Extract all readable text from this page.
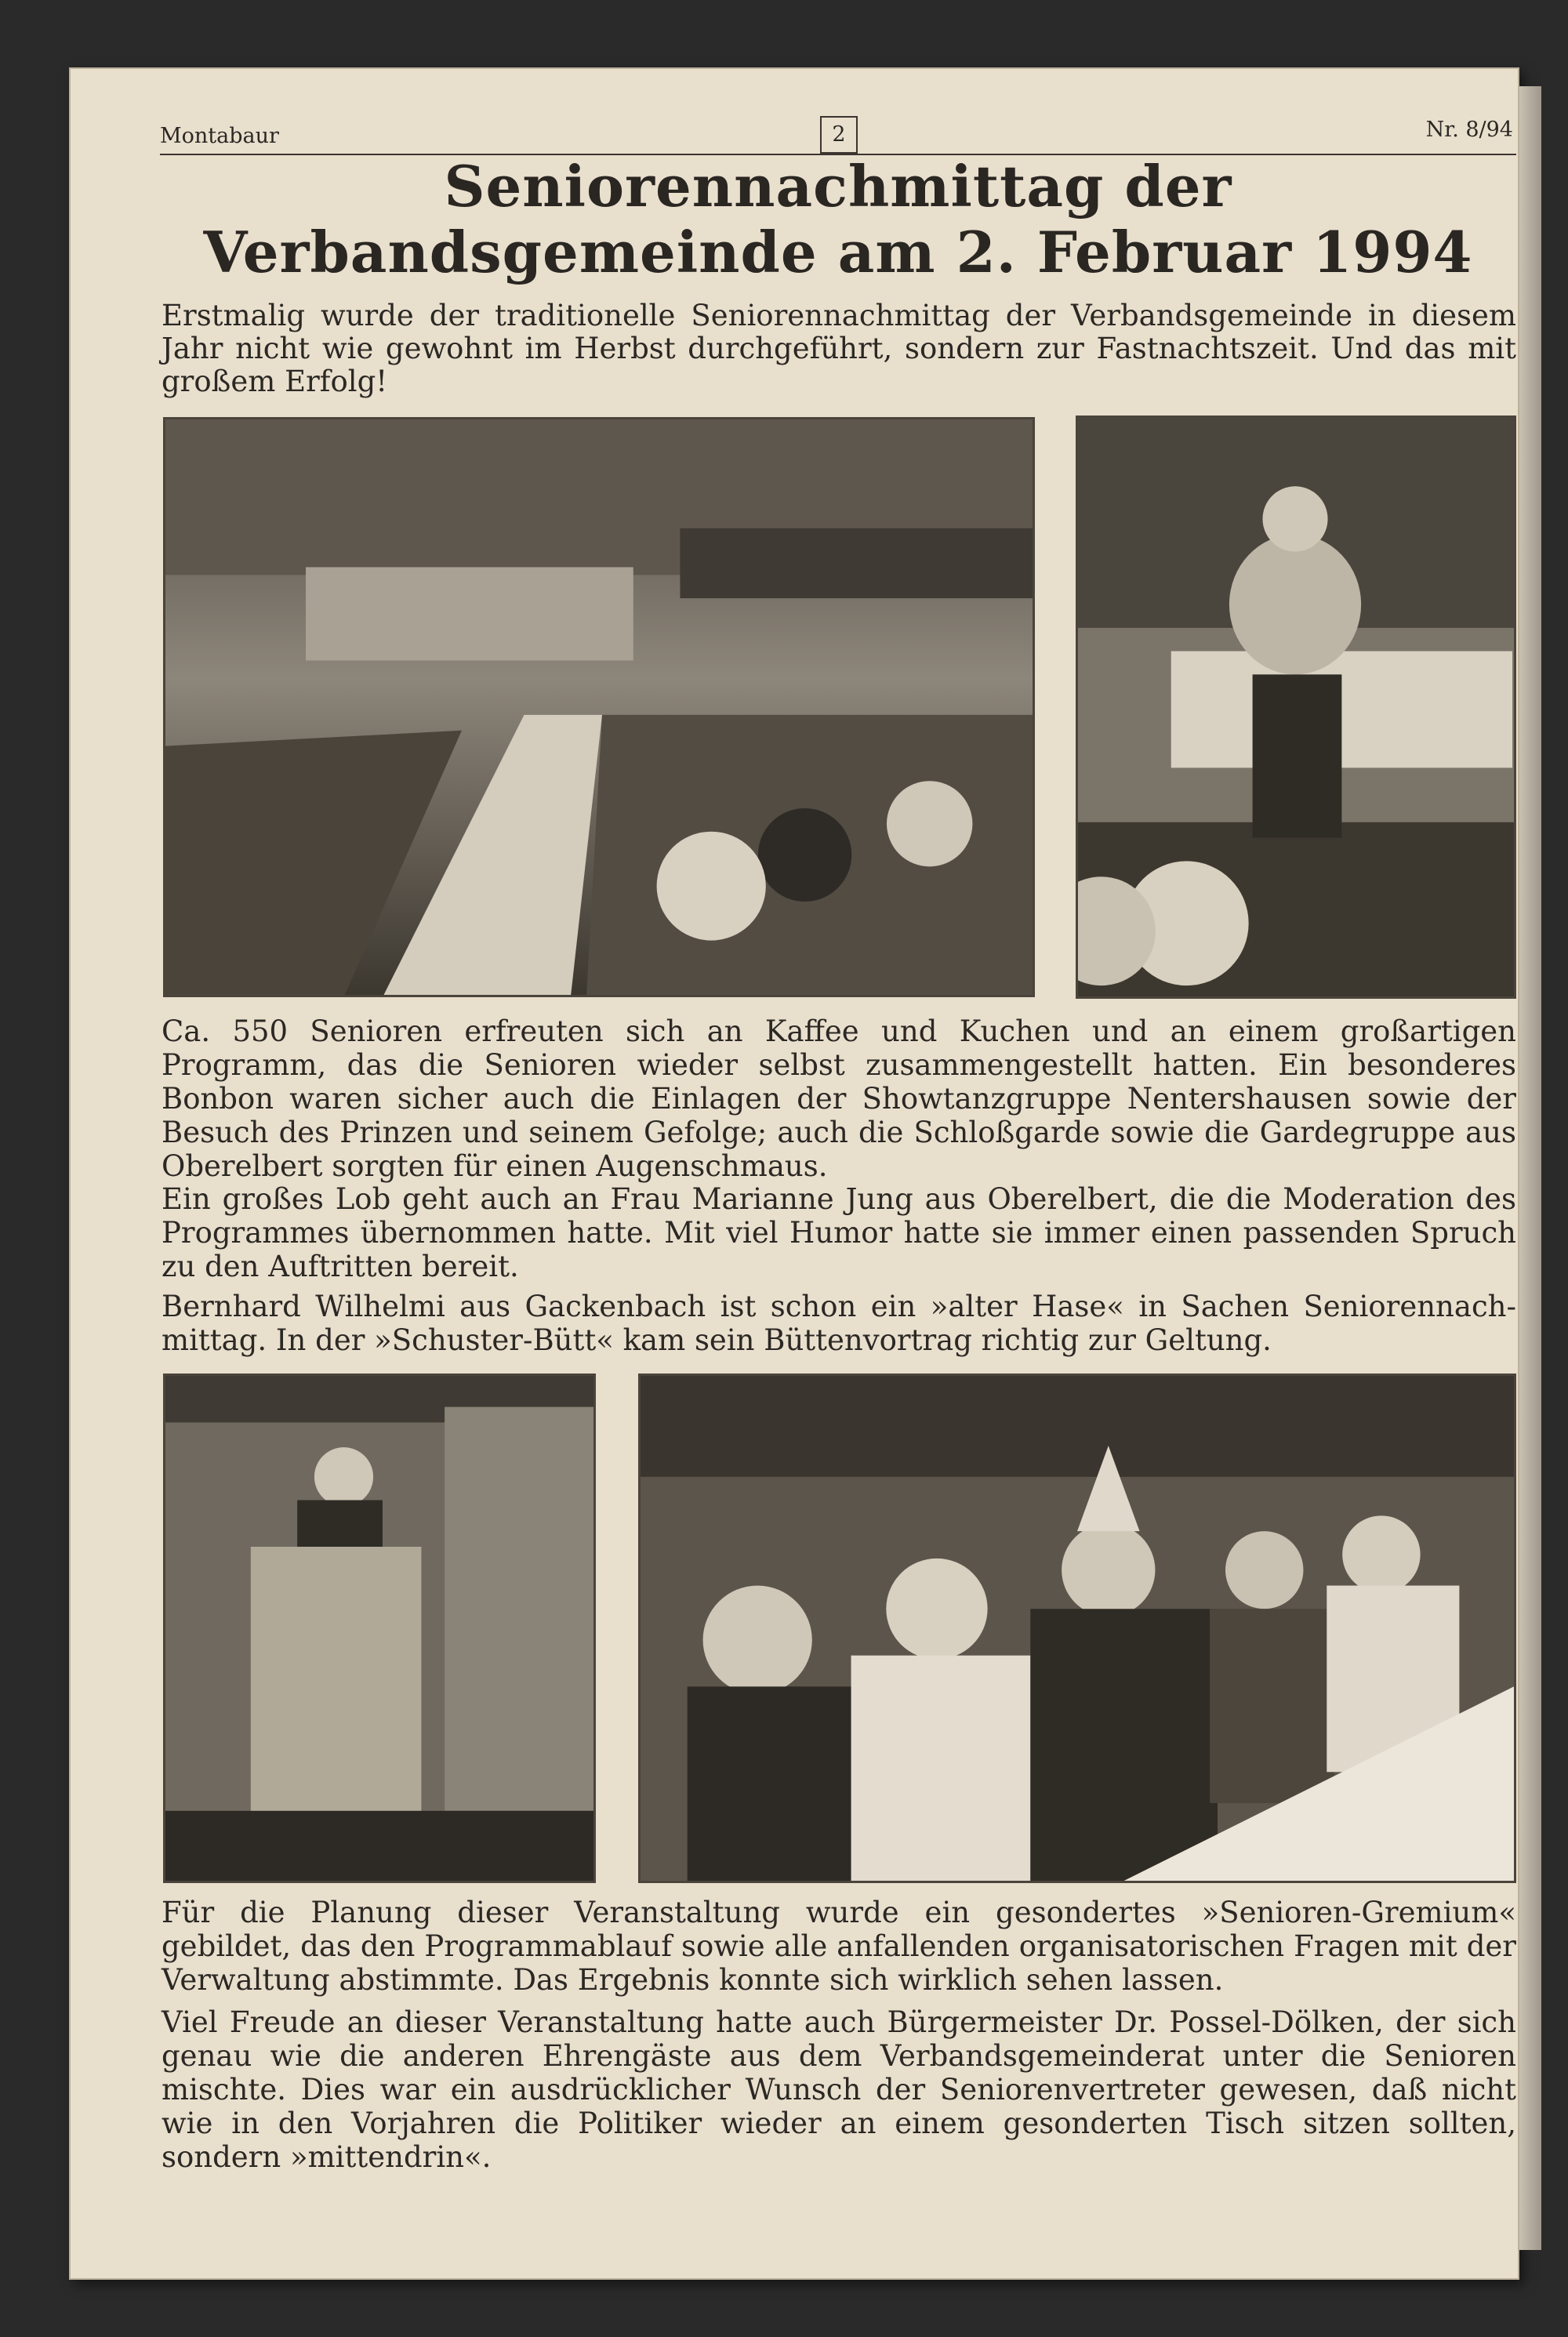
Montabaur	2	Nr. 8/94
Seniorennachmittag der
Verbandsgemeinde am 2. Februar 1994

Erstmalig wurde der traditionelle Seniorennachmittag der Verbandsgemeinde in diesem Jahr nicht wie gewohnt im Herbst durchgeführt, sondern zur Fastnachtszeit. Und das mit großem Erfolg!

Ca. 550 Senioren erfreuten sich an Kaffee und Kuchen und an einem großartigen Programm, das die Senioren wieder selbst zusammengestellt hatten. Ein besonderes Bonbon waren sicher auch die Einlagen der Showtanzgruppe Nentershausen sowie der Besuch des Prinzen und seinem Gefolge; auch die Schloßgarde sowie die Gardegruppe aus Oberelbert sorgten für einen Augenschmaus.

Ein großes Lob geht auch an Frau Marianne Jung aus Oberelbert, die die Moderation des Programmes übernommen hatte. Mit viel Humor hatte sie immer einen passenden Spruch zu den Auftritten bereit.

Bernhard Wilhelmi aus Gackenbach ist schon ein »alter Hase« in Sachen Seniorennach-mittag. In der »Schuster-Bütt« kam sein Büttenvortrag richtig zur Geltung.

Für die Planung dieser Veranstaltung wurde ein gesondertes »Senioren-Gremium« gebildet, das den Programmablauf sowie alle anfallenden organisatorischen Fragen mit der Verwaltung abstimmte. Das Ergebnis konnte sich wirklich sehen lassen.

Viel Freude an dieser Veranstaltung hatte auch Bürgermeister Dr. Possel-Dölken, der sich genau wie die anderen Ehrengäste aus dem Verbandsgemeinderat unter die Senioren mischte. Dies war ein ausdrücklicher Wunsch der Seniorenvertreter gewesen, daß nicht wie in den Vorjahren die Politiker wieder an einem gesonderten Tisch sitzen sollten, sondern »mittendrin«.
